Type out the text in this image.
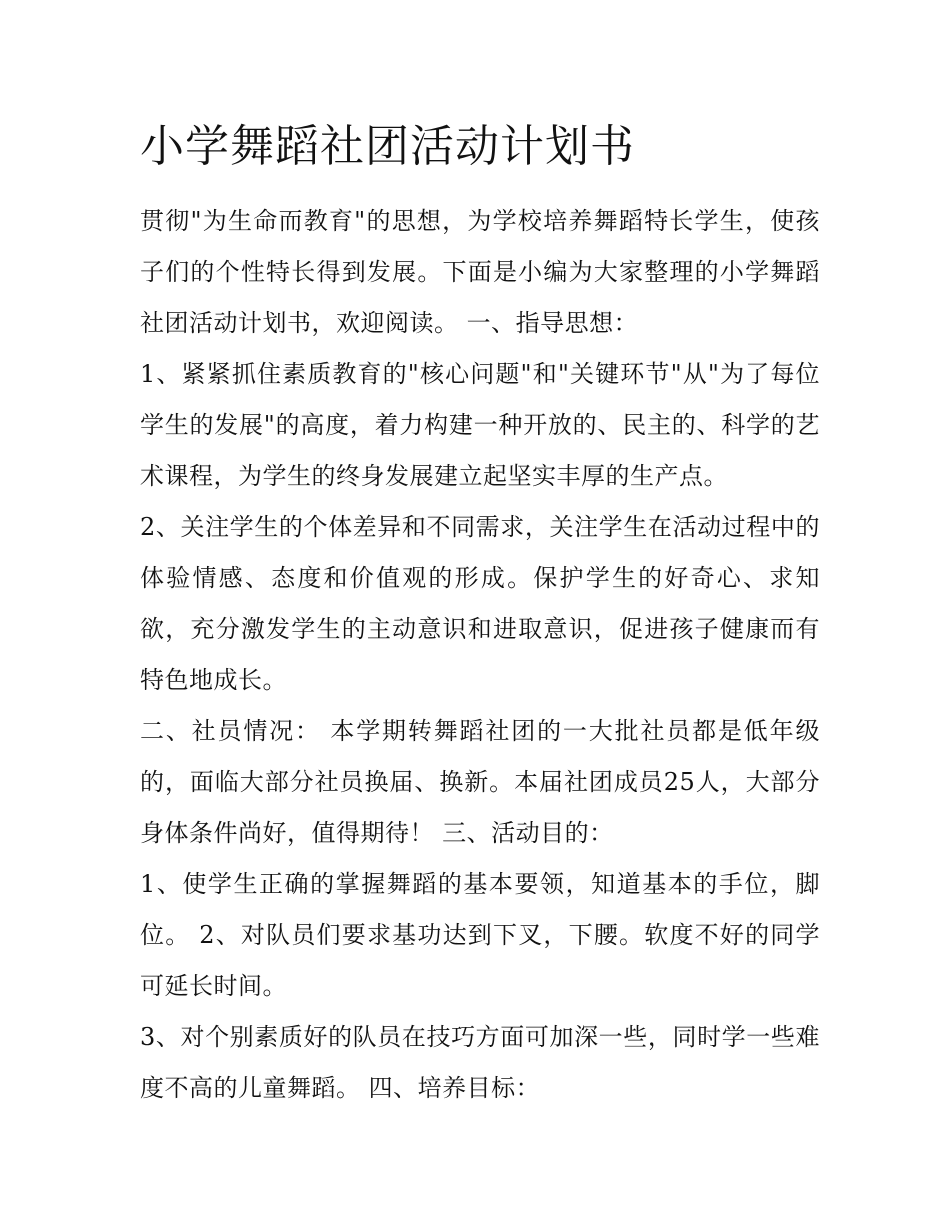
小学舞蹈社团活动计划书

贯彻"为生命而教育"的思想，为学校培养舞蹈特长学生，使孩子们的个性特长得到发展。下面是小编为大家整理的小学舞蹈社团活动计划书，欢迎阅读。 一、指导思想：

1、紧紧抓住素质教育的"核心问题"和"关键环节"从"为了每位学生的发展"的高度，着力构建一种开放的、民主的、科学的艺术课程，为学生的终身发展建立起坚实丰厚的生产点。

2、关注学生的个体差异和不同需求，关注学生在活动过程中的体验情感、态度和价值观的形成。保护学生的好奇心、求知欲，充分激发学生的主动意识和进取意识，促进孩子健康而有特色地成长。

二、社员情况： 本学期转舞蹈社团的一大批社员都是低年级的，面临大部分社员换届、换新。本届社团成员25人，大部分身体条件尚好，值得期待！ 三、活动目的：

1、使学生正确的掌握舞蹈的基本要领，知道基本的手位，脚位。 2、对队员们要求基功达到下叉，下腰。软度不好的同学可延长时间。

3、对个别素质好的队员在技巧方面可加深一些，同时学一些难度不高的儿童舞蹈。 四、培养目标：
